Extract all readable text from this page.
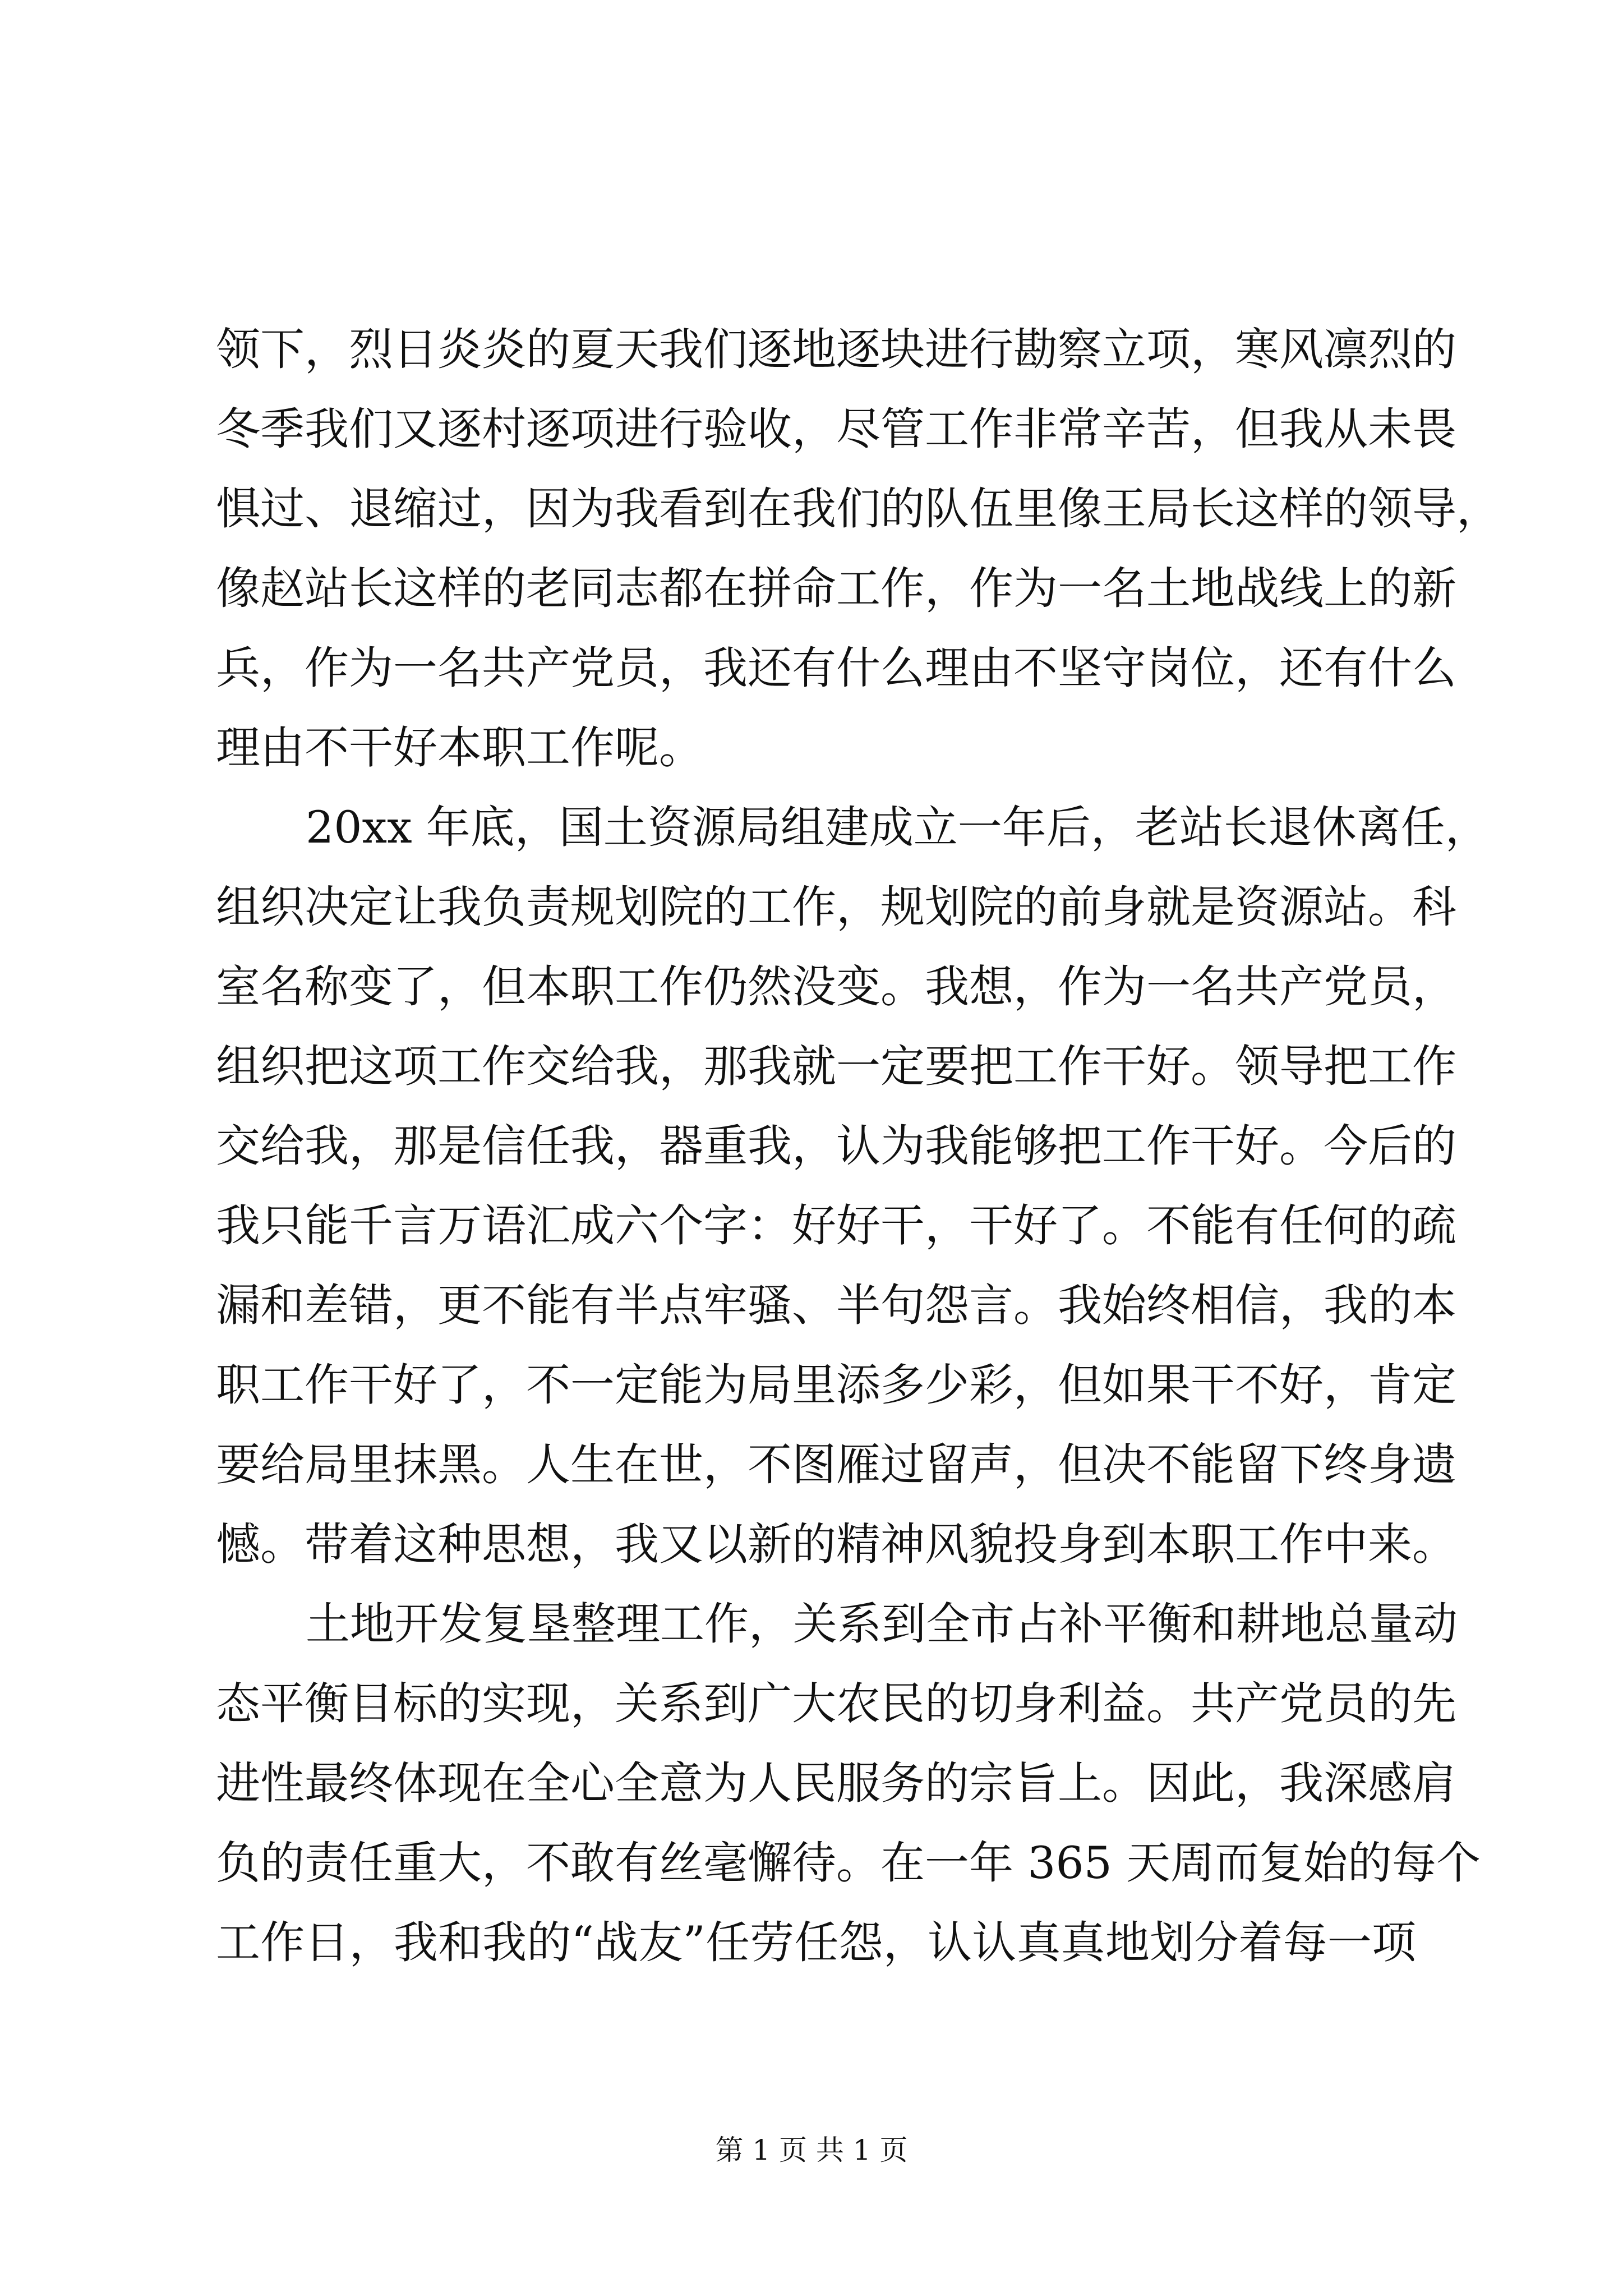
领下，烈日炎炎的夏天我们逐地逐块进行勘察立项，寒风凛烈的
冬季我们又逐村逐项进行验收，尽管工作非常辛苦，但我从未畏
惧过、退缩过，因为我看到在我们的队伍里像王局长这样的领导，
像赵站长这样的老同志都在拼命工作，作为一名土地战线上的新
兵，作为一名共产党员，我还有什么理由不坚守岗位，还有什么
理由不干好本职工作呢。
20xx 年底，国土资源局组建成立一年后，老站长退休离任，
组织决定让我负责规划院的工作，规划院的前身就是资源站。科
室名称变了，但本职工作仍然没变。我想，作为一名共产党员，
组织把这项工作交给我，那我就一定要把工作干好。领导把工作
交给我，那是信任我，器重我，认为我能够把工作干好。今后的
我只能千言万语汇成六个字：好好干，干好了。不能有任何的疏
漏和差错，更不能有半点牢骚、半句怨言。我始终相信，我的本
职工作干好了，不一定能为局里添多少彩，但如果干不好，肯定
要给局里抹黑。人生在世，不图雁过留声，但决不能留下终身遗
憾。带着这种思想，我又以新的精神风貌投身到本职工作中来。
土地开发复垦整理工作，关系到全市占补平衡和耕地总量动
态平衡目标的实现，关系到广大农民的切身利益。共产党员的先
进性最终体现在全心全意为人民服务的宗旨上。因此，我深感肩
负的责任重大，不敢有丝毫懈待。在一年 365 天周而复始的每个
工作日，我和我的“战友”任劳任怨，认认真真地划分着每一项
第 1 页 共 1 页
